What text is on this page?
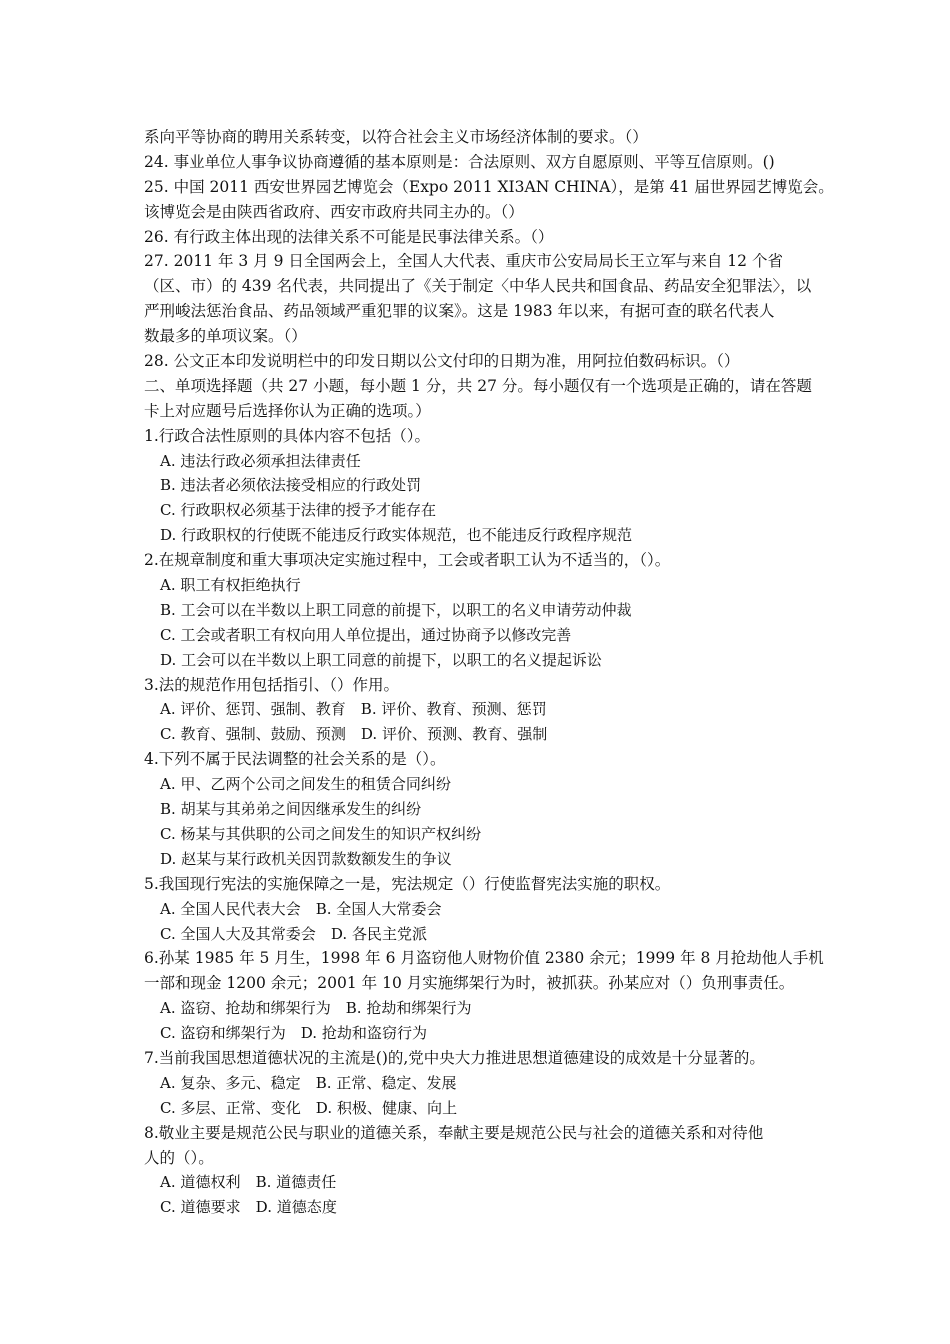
系向平等协商的聘用关系转变，以符合社会主义市场经济体制的要求。（）
24. 事业单位人事争议协商遵循的基本原则是：合法原则、双方自愿原则、平等互信原则。()
25. 中国 2011 西安世界园艺博览会（Expo 2011 XI3AN CHINA），是第 41 届世界园艺博览会。
该博览会是由陕西省政府、西安市政府共同主办的。（）
26. 有行政主体出现的法律关系不可能是民事法律关系。（）
27. 2011 年 3 月 9 日全国两会上，全国人大代表、重庆市公安局局长王立军与来自 12 个省
（区、市）的 439 名代表，共同提出了《关于制定〈中华人民共和国食品、药品安全犯罪法〉，以
严刑峻法惩治食品、药品领域严重犯罪的议案》。这是 1983 年以来，有据可查的联名代表人
数最多的单项议案。（）
28. 公文正本印发说明栏中的印发日期以公文付印的日期为准，用阿拉伯数码标识。（）
二、单项选择题（共 27 小题，每小题 1 分，共 27 分。每小题仅有一个选项是正确的，请在答题
卡上对应题号后选择你认为正确的选项。）
1.行政合法性原则的具体内容不包括（）。
A. 违法行政必须承担法律责任
B. 违法者必须依法接受相应的行政处罚
C. 行政职权必须基于法律的授予才能存在
D. 行政职权的行使既不能违反行政实体规范，也不能违反行政程序规范
2.在规章制度和重大事项决定实施过程中，工会或者职工认为不适当的，（）。
A. 职工有权拒绝执行
B. 工会可以在半数以上职工同意的前提下，以职工的名义申请劳动仲裁
C. 工会或者职工有权向用人单位提出，通过协商予以修改完善
D. 工会可以在半数以上职工同意的前提下，以职工的名义提起诉讼
3.法的规范作用包括指引、（）作用。
A. 评价、惩罚、强制、教育　B. 评价、教育、预测、惩罚
C. 教育、强制、鼓励、预测　D. 评价、预测、教育、强制
4.下列不属于民法调整的社会关系的是（）。
A. 甲、乙两个公司之间发生的租赁合同纠纷
B. 胡某与其弟弟之间因继承发生的纠纷
C. 杨某与其供职的公司之间发生的知识产权纠纷
D. 赵某与某行政机关因罚款数额发生的争议
5.我国现行宪法的实施保障之一是，宪法规定（）行使监督宪法实施的职权。
A. 全国人民代表大会　B. 全国人大常委会
C. 全国人大及其常委会　D. 各民主党派
6.孙某 1985 年 5 月生，1998 年 6 月盗窃他人财物价值 2380 余元；1999 年 8 月抢劫他人手机
一部和现金 1200 余元；2001 年 10 月实施绑架行为时，被抓获。孙某应对（）负刑事责任。
A. 盗窃、抢劫和绑架行为　B. 抢劫和绑架行为
C. 盗窃和绑架行为　D. 抢劫和盗窃行为
7.当前我国思想道德状况的主流是()的,党中央大力推进思想道德建设的成效是十分显著的。
A. 复杂、多元、稳定　B. 正常、稳定、发展
C. 多层、正常、变化　D. 积极、健康、向上
8.敬业主要是规范公民与职业的道德关系，奉献主要是规范公民与社会的道德关系和对待他
人的（）。
A. 道德权利　B. 道德责任
C. 道德要求　D. 道德态度
